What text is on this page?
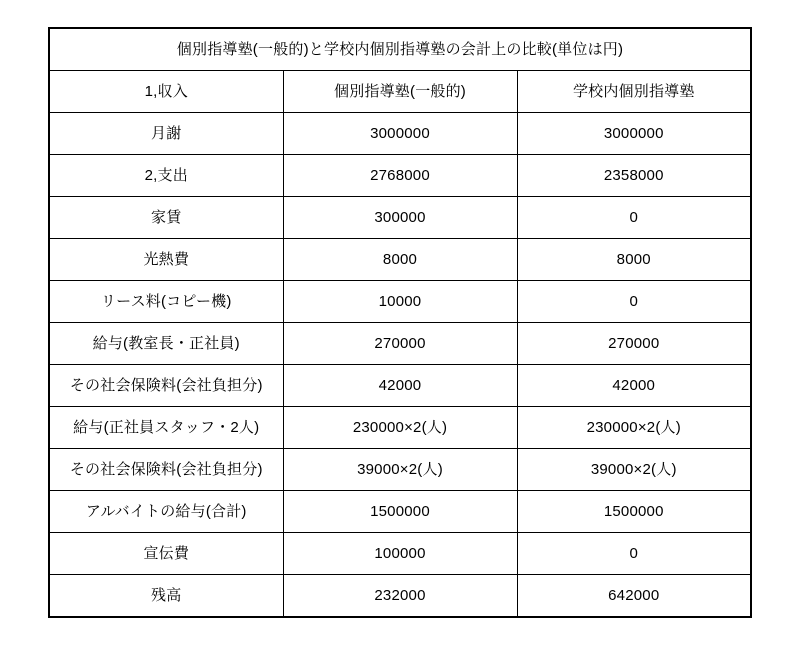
個別指導塾(一般的)と学校内個別指導塾の会計上の比較(単位は円)		
1,収入	個別指導塾(一般的)	学校内個別指導塾
月謝	3000000	3000000
2,支出	2768000	2358000
家賃	300000	0
光熱費	8000	8000
リース料(コピー機)	10000	0
給与(教室長・正社員)	270000	270000
その社会保険料(会社負担分)	42000	42000
給与(正社員スタッフ・2人)	230000×2(人)	230000×2(人)
その社会保険料(会社負担分)	39000×2(人)	39000×2(人)
アルバイトの給与(合計)	1500000	1500000
宣伝費	100000	0
残高	232000	642000
